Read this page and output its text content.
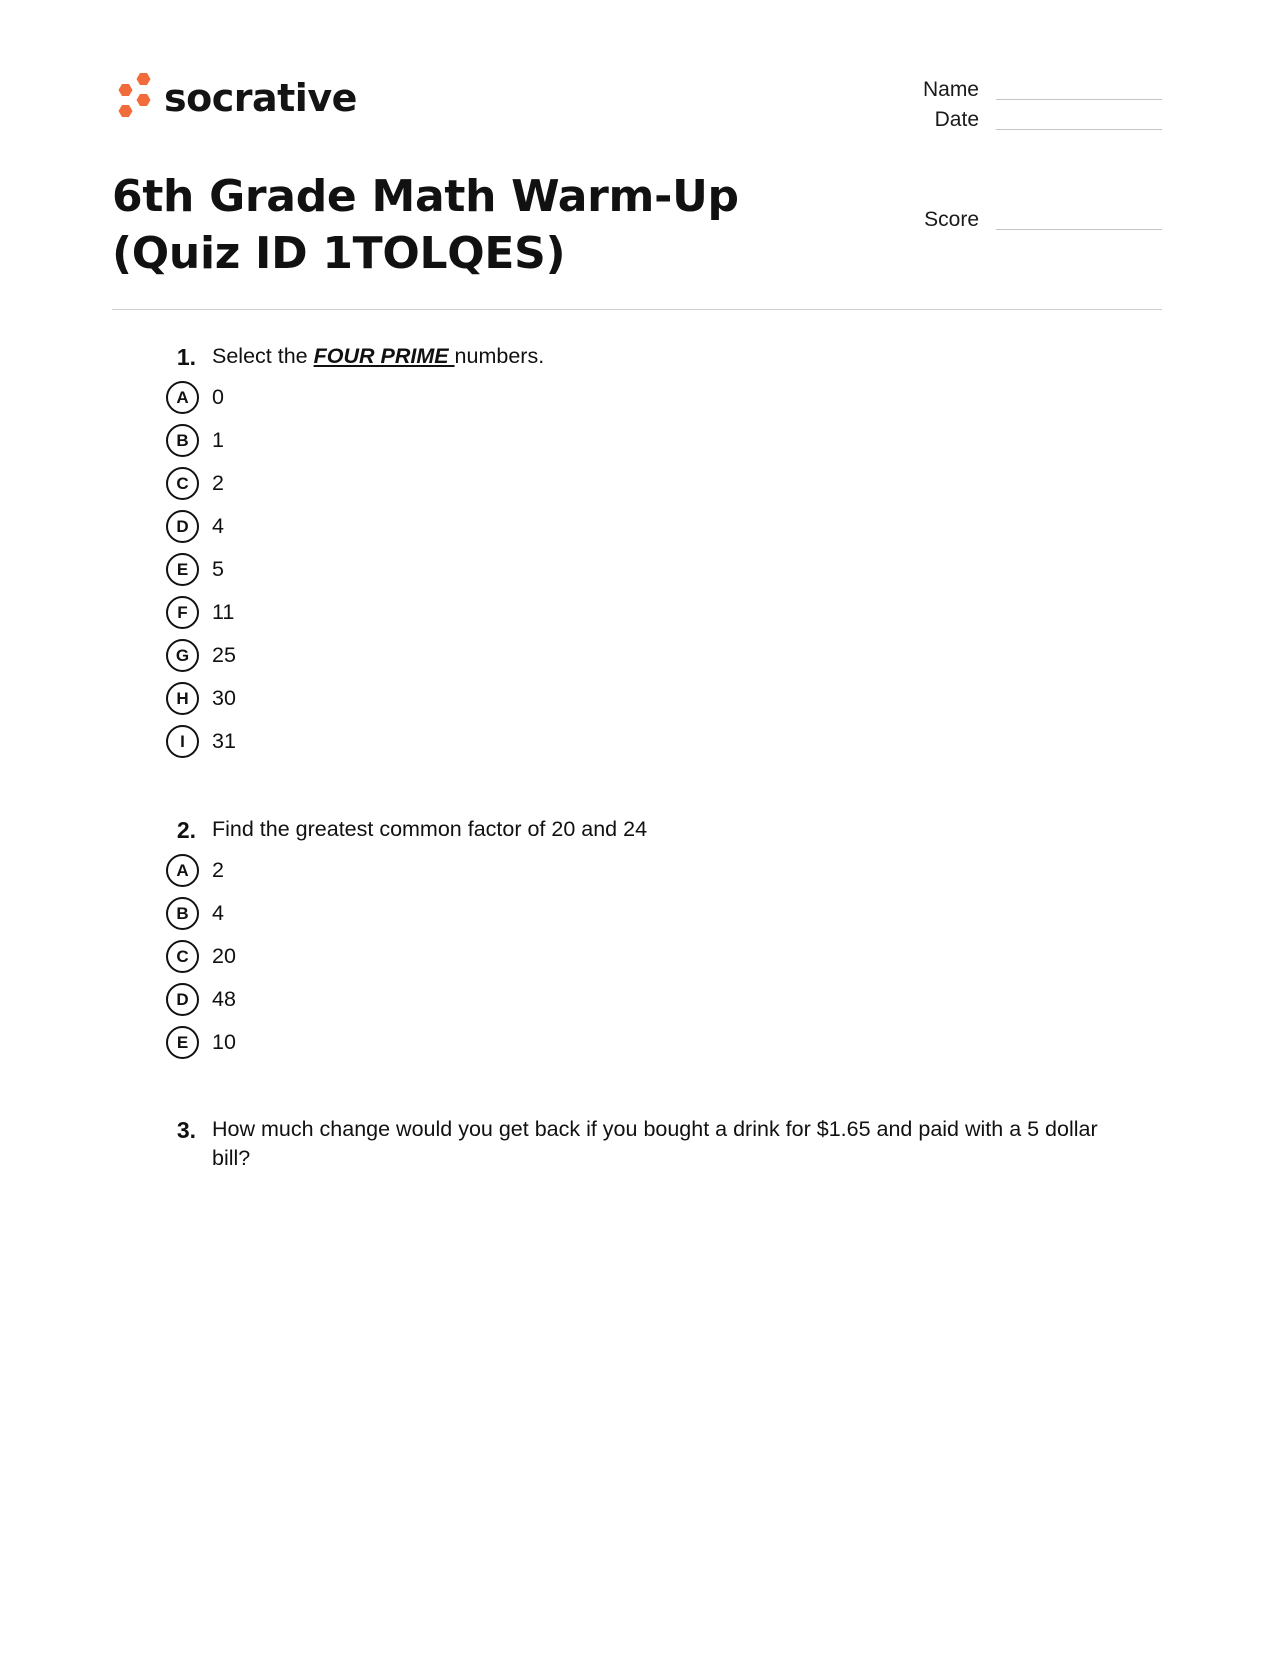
socrative	Name
Date
Score
6th Grade Math Warm-Up (Quiz ID 1TOLQES)
1. Select the FOUR PRIME numbers.
A	0
B	1
C	2
D	4
E	5
F	11
G	25
H	30
I	31
2. Find the greatest common factor of 20 and 24
A	2
B	4
C	20
D	48
E	10
3. How much change would you get back if you bought a drink for $1.65 and paid with a 5 dollar bill?
